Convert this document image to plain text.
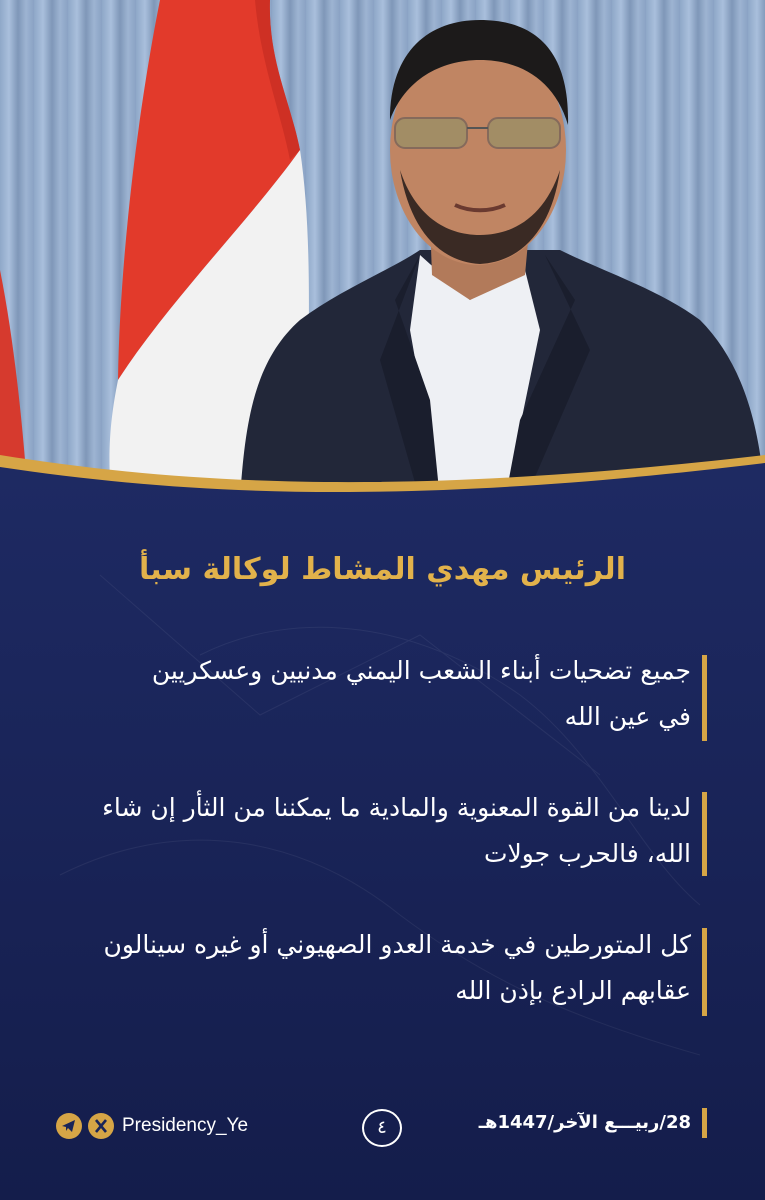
الرئيس مهدي المشاط لوكالة سبأ
جميع تضحيات أبناء الشعب اليمني مدنيين وعسكريين
في عين الله
لدينا من القوة المعنوية والمادية ما يمكننا من الثأر إن شاء
الله، فالحرب جولات
كل المتورطين في خدمة العدو الصهيوني أو غيره سينالون
عقابهم الرادع بإذن الله
Presidency_Ye	٤	28/ربيـــع الآخر/1447هـ
